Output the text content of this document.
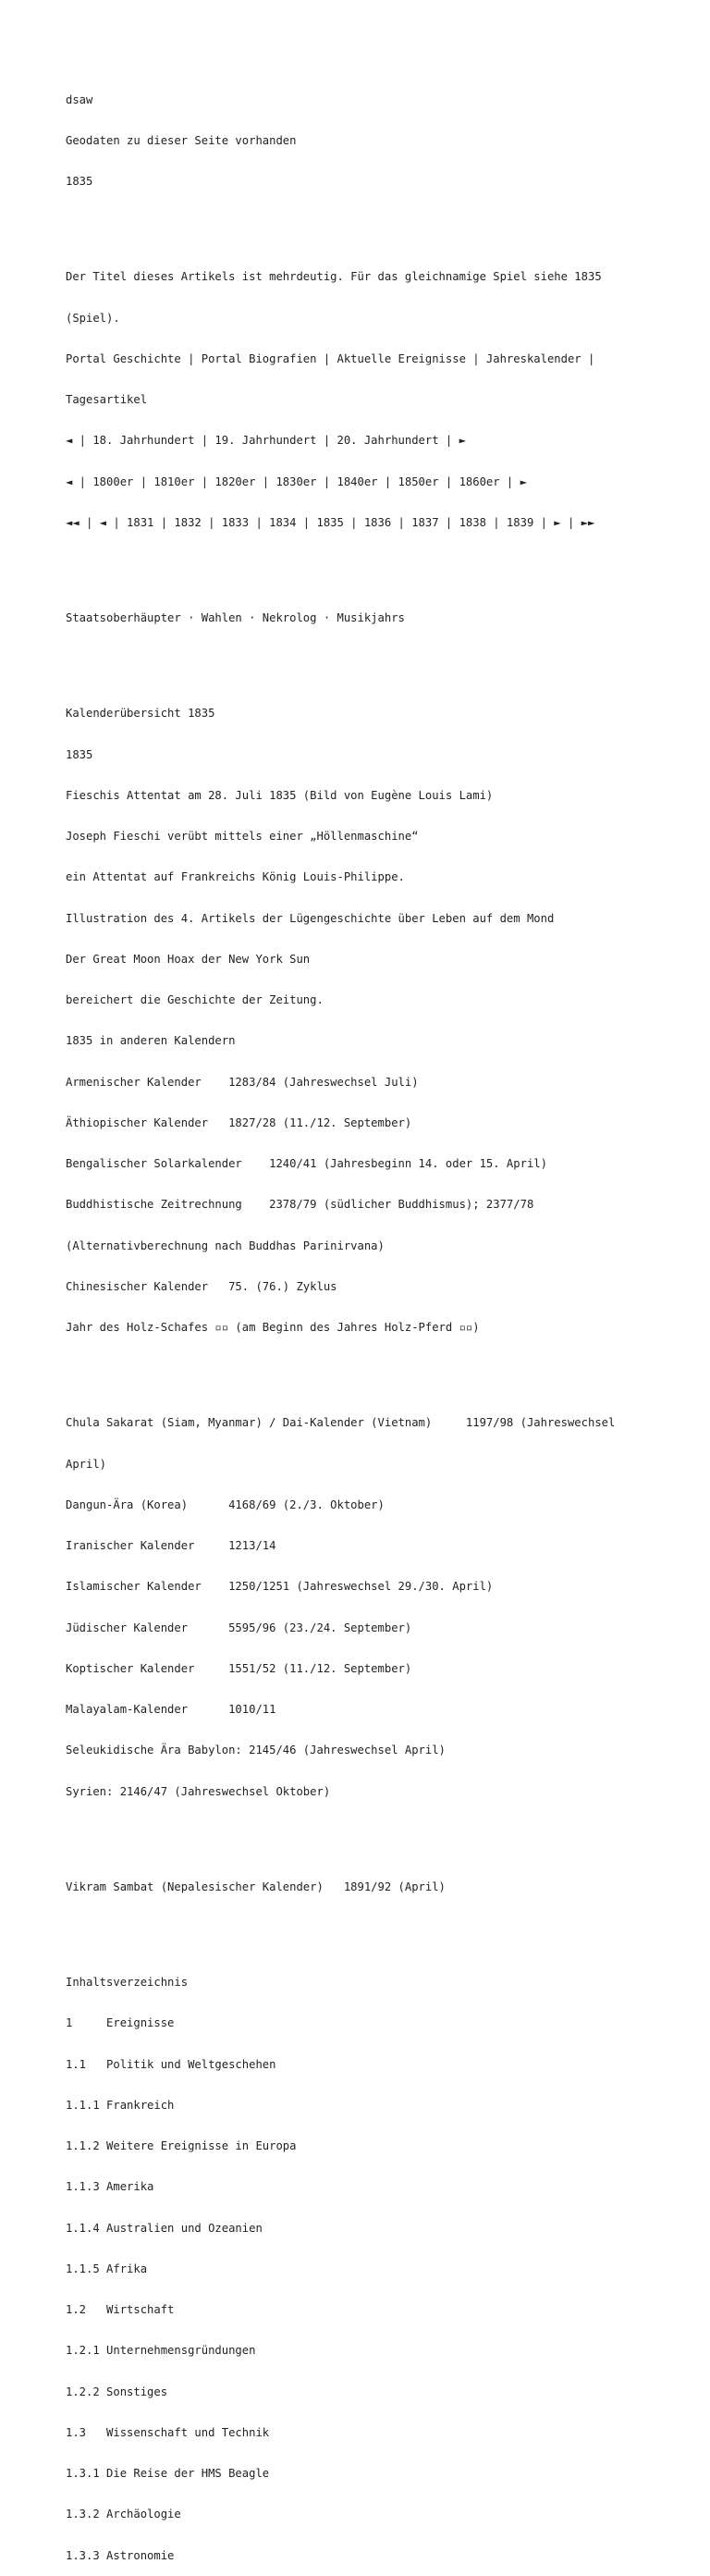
dsaw

Geodaten zu dieser Seite vorhanden

1835

Der Titel dieses Artikels ist mehrdeutig. Für das gleichnamige Spiel siehe 1835

(Spiel).

Portal Geschichte | Portal Biografien | Aktuelle Ereignisse | Jahreskalender |

Tagesartikel

◄ | 18. Jahrhundert | 19. Jahrhundert | 20. Jahrhundert | ►

◄ | 1800er | 1810er | 1820er | 1830er | 1840er | 1850er | 1860er | ►

◄◄ | ◄ | 1831 | 1832 | 1833 | 1834 | 1835 | 1836 | 1837 | 1838 | 1839 | ► | ►►

Staatsoberhäupter · Wahlen · Nekrolog · Musikjahrs

Kalenderübersicht 1835

1835

Fieschis Attentat am 28. Juli 1835 (Bild von Eugène Louis Lami)

Joseph Fieschi verübt mittels einer „Höllenmaschine“

ein Attentat auf Frankreichs König Louis-Philippe.

Illustration des 4. Artikels der Lügengeschichte über Leben auf dem Mond

Der Great Moon Hoax der New York Sun

bereichert die Geschichte der Zeitung.

1835 in anderen Kalendern

Armenischer Kalender    1283/84 (Jahreswechsel Juli)

Äthiopischer Kalender   1827/28 (11./12. September)

Bengalischer Solarkalender    1240/41 (Jahresbeginn 14. oder 15. April)

Buddhistische Zeitrechnung    2378/79 (südlicher Buddhismus); 2377/78

(Alternativberechnung nach Buddhas Parinirvana)

Chinesischer Kalender   75. (76.) Zyklus

Jahr des Holz-Schafes ▫▫ (am Beginn des Jahres Holz-Pferd ▫▫)

Chula Sakarat (Siam, Myanmar) / Dai-Kalender (Vietnam)     1197/98 (Jahreswechsel

April)

Dangun-Ära (Korea)      4168/69 (2./3. Oktober)

Iranischer Kalender     1213/14

Islamischer Kalender    1250/1251 (Jahreswechsel 29./30. April)

Jüdischer Kalender      5595/96 (23./24. September)

Koptischer Kalender     1551/52 (11./12. September)

Malayalam-Kalender      1010/11

Seleukidische Ära Babylon: 2145/46 (Jahreswechsel April)

Syrien: 2146/47 (Jahreswechsel Oktober)

Vikram Sambat (Nepalesischer Kalender)   1891/92 (April)

Inhaltsverzeichnis

1     Ereignisse

1.1   Politik und Weltgeschehen

1.1.1 Frankreich

1.1.2 Weitere Ereignisse in Europa

1.1.3 Amerika

1.1.4 Australien und Ozeanien

1.1.5 Afrika

1.2   Wirtschaft

1.2.1 Unternehmensgründungen

1.2.2 Sonstiges

1.3   Wissenschaft und Technik

1.3.1 Die Reise der HMS Beagle

1.3.2 Archäologie

1.3.3 Astronomie
